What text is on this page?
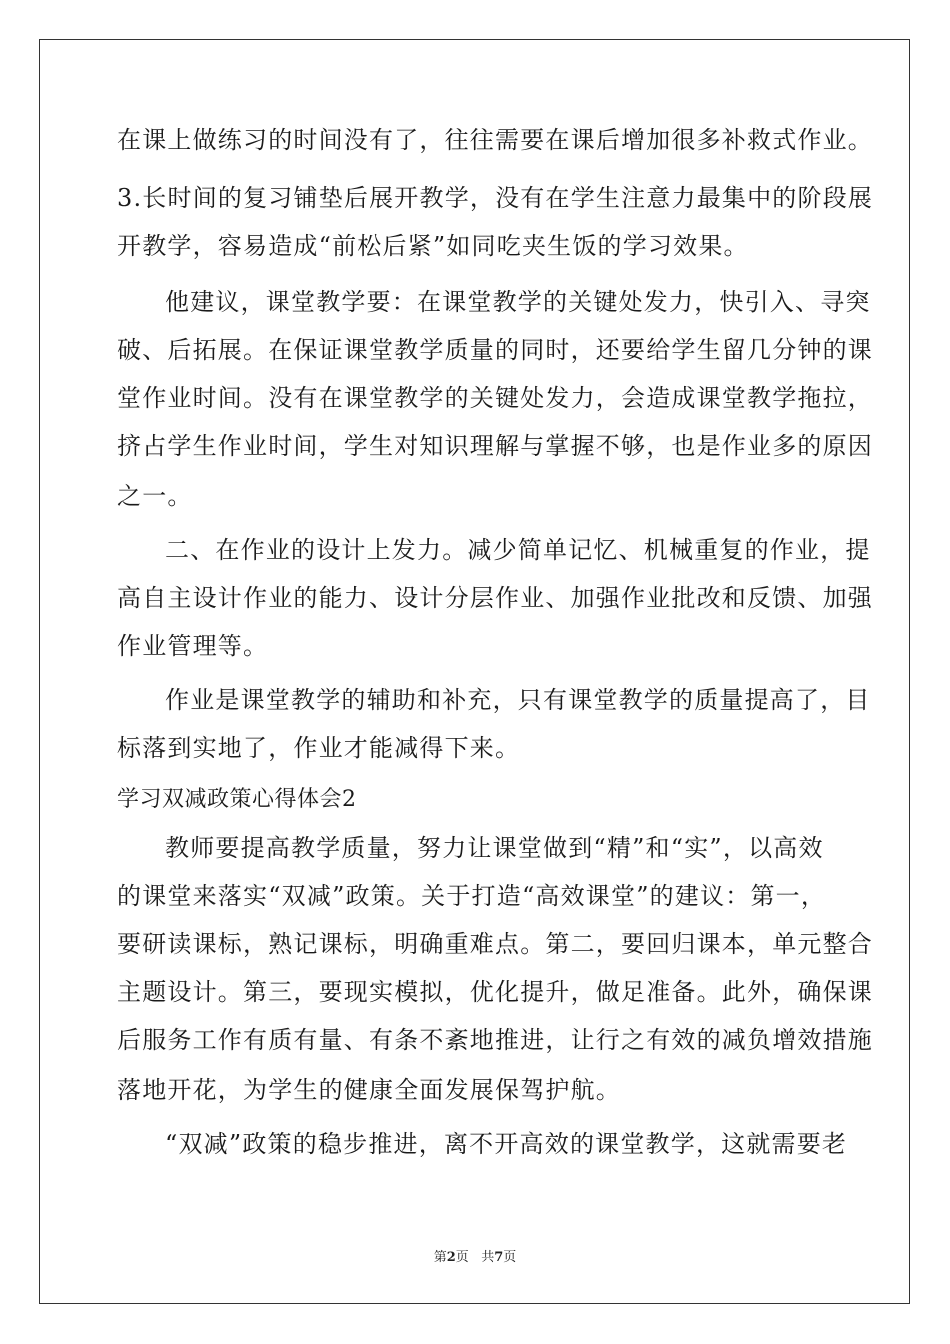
在课上做练习的时间没有了，往往需要在课后增加很多补救式作业。
3.长时间的复习铺垫后展开教学，没有在学生注意力最集中的阶段展
开教学，容易造成“前松后紧”如同吃夹生饭的学习效果。
他建议，课堂教学要：在课堂教学的关键处发力，快引入、寻突
破、后拓展。在保证课堂教学质量的同时，还要给学生留几分钟的课
堂作业时间。没有在课堂教学的关键处发力，会造成课堂教学拖拉，
挤占学生作业时间，学生对知识理解与掌握不够，也是作业多的原因
之一。
二、在作业的设计上发力。减少简单记忆、机械重复的作业，提
高自主设计作业的能力、设计分层作业、加强作业批改和反馈、加强
作业管理等。
作业是课堂教学的辅助和补充，只有课堂教学的质量提高了，目
标落到实地了，作业才能减得下来。
学习双减政策心得体会2
教师要提高教学质量，努力让课堂做到“精”和“实”，以高效
的课堂来落实“双减”政策。关于打造“高效课堂”的建议：第一，
要研读课标，熟记课标，明确重难点。第二，要回归课本，单元整合
主题设计。第三，要现实模拟，优化提升，做足准备。此外，确保课
后服务工作有质有量、有条不紊地推进，让行之有效的减负增效措施
落地开花，为学生的健康全面发展保驾护航。
“双减”政策的稳步推进，离不开高效的课堂教学，这就需要老
第2页 共7页
